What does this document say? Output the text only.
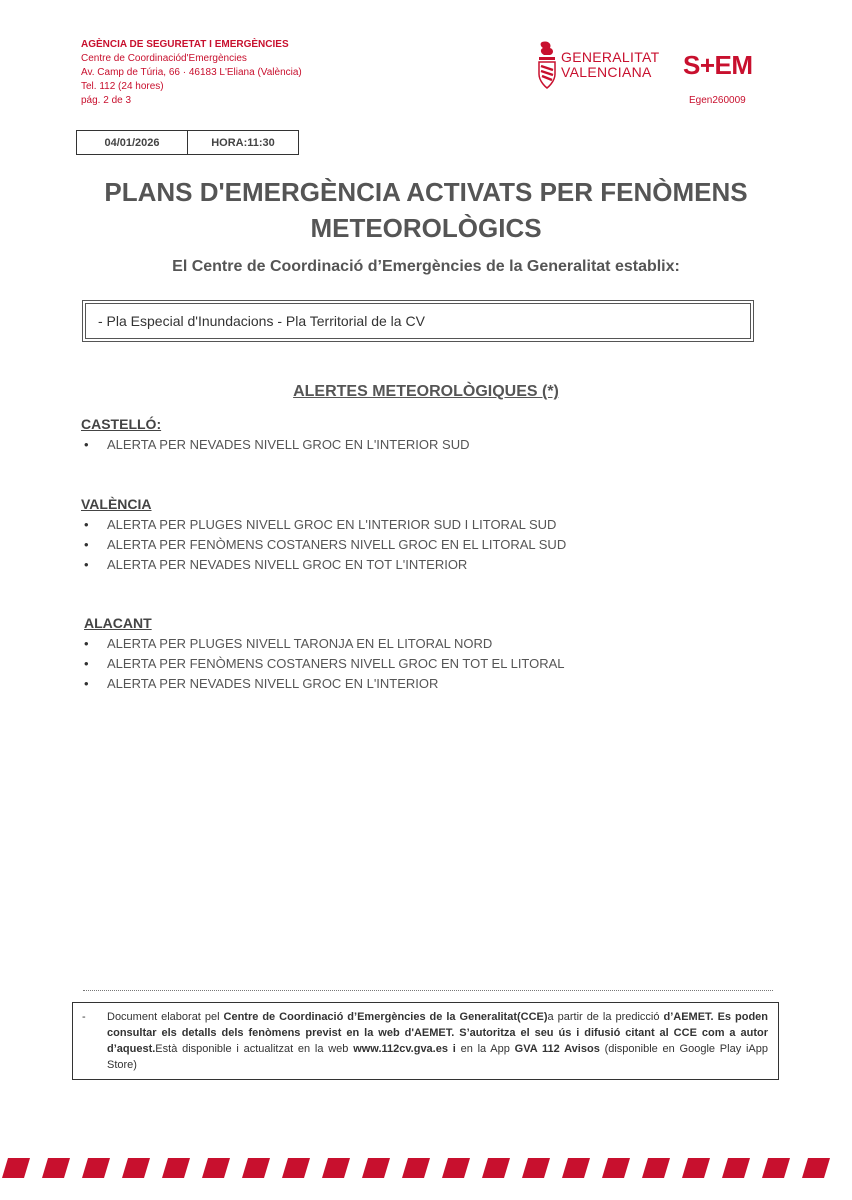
AGÈNCIA DE SEGURETAT I EMERGÈNCIES
Centre de Coordinaciód'Emergències
Av. Camp de Túria, 66 · 46183 L'Eliana (València)
Tel. 112 (24 hores)
pág. 2 de 3
GENERALITAT
VALENCIANA S+EM
Egen260009
04/01/2026	HORA:11:30
PLANS D'EMERGÈNCIA ACTIVATS PER FENÒMENS METEOROLÒGICS
El Centre de Coordinació d’Emergències de la Generalitat establix:
- Pla Especial d'Inundacions - Pla Territorial de la CV
ALERTES METEOROLÒGIQUES (*)
CASTELLÓ:
• ALERTA PER NEVADES NIVELL GROC EN L'INTERIOR SUD
VALÈNCIA
• ALERTA PER PLUGES NIVELL GROC EN L'INTERIOR SUD I LITORAL SUD
• ALERTA PER FENÒMENS COSTANERS NIVELL GROC EN EL LITORAL SUD
• ALERTA PER NEVADES NIVELL GROC EN TOT L'INTERIOR
ALACANT
• ALERTA PER PLUGES NIVELL TARONJA EN EL LITORAL NORD
• ALERTA PER FENÒMENS COSTANERS NIVELL GROC EN TOT EL LITORAL
• ALERTA PER NEVADES NIVELL GROC EN L'INTERIOR
- Document elaborat pel Centre de Coordinació d’Emergències de la Generalitat(CCE)a partir de la predicció d’AEMET. Es poden consultar els detalls dels fenòmens previst en la web d'AEMET. S’autoritza el seu ús i difusió citant al CCE com a autor d’aquest.Està disponible i actualitzat en la web www.112cv.gva.es i en la App GVA 112 Avisos (disponible en Google Play iApp Store)
